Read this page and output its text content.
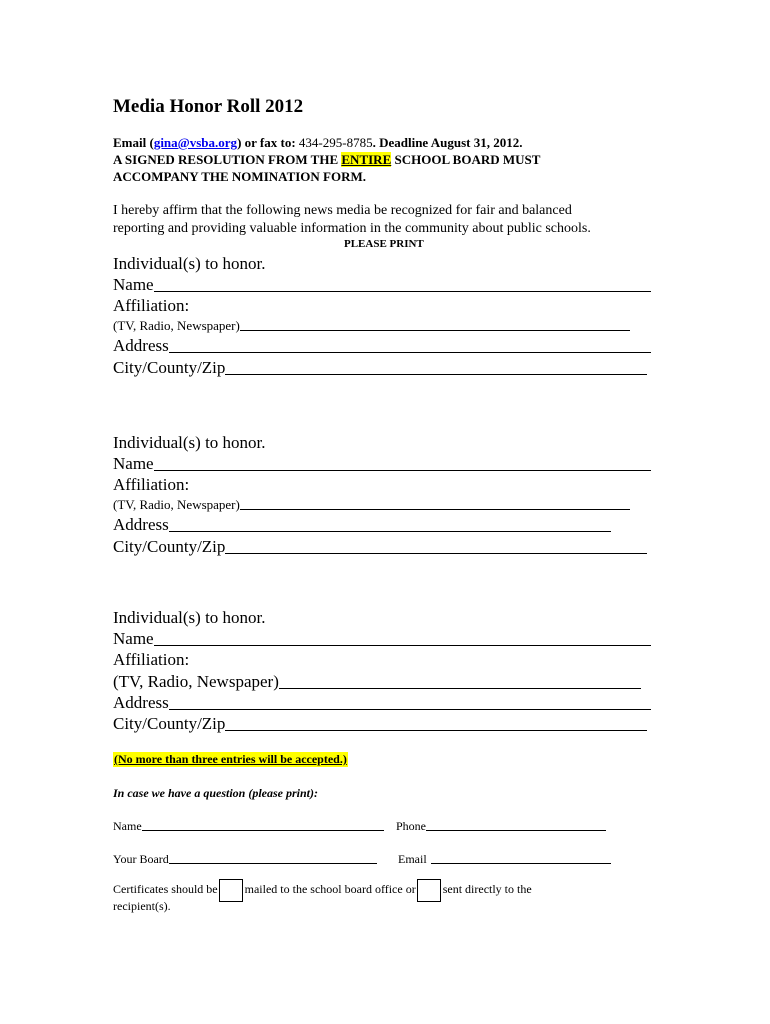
Media Honor Roll 2012
Email (gina@vsba.org) or fax to: 434-295-8785. Deadline August 31, 2012.
A SIGNED RESOLUTION FROM THE ENTIRE SCHOOL BOARD MUST
ACCOMPANY THE NOMINATION FORM.
I hereby affirm that the following news media be recognized for fair and balanced
reporting and providing valuable information in the community about public schools.
PLEASE PRINT
Individual(s) to honor.
Name
Affiliation:
(TV, Radio, Newspaper)
Address
City/County/Zip
Individual(s) to honor.
Name
Affiliation:
(TV, Radio, Newspaper)
Address
City/County/Zip
Individual(s) to honor.
Name
Affiliation:
(TV, Radio, Newspaper)
Address
City/County/Zip
(No more than three entries will be accepted.)
In case we have a question (please print):
Name	Phone
Your Board	Email
Certificates should be mailed to the school board office or sent directly to the
recipient(s).
